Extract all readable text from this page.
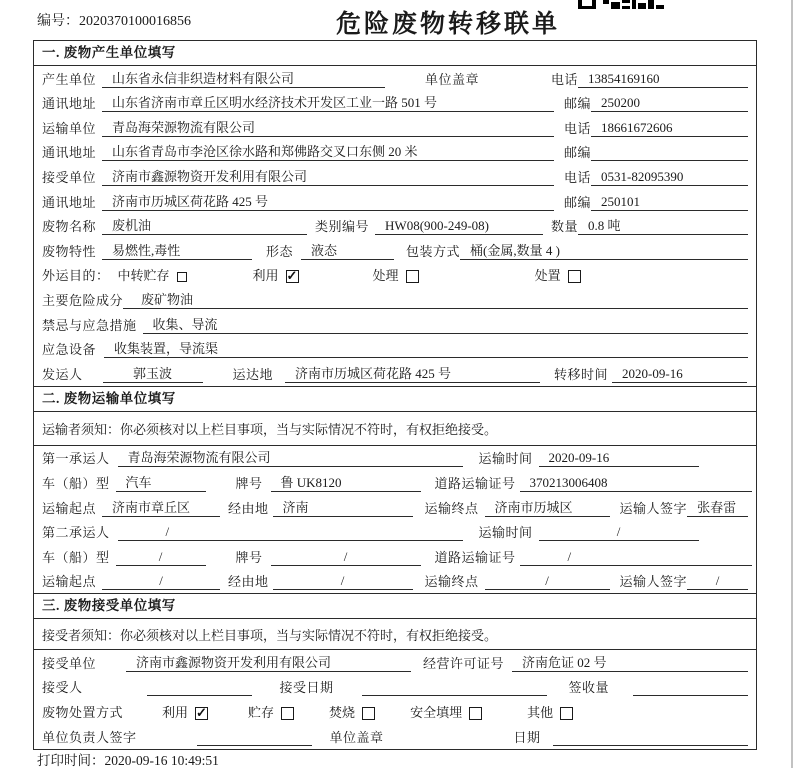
编号：2020370100016856	危险废物转移联单
一. 废物产生单位填写
产生单位	山东省永信非织造材料有限公司	单位盖章	电话 13854169160
通讯地址	山东省济南市章丘区明水经济技术开发区工业一路 501 号	邮编 250200
运输单位	青岛海荣源物流有限公司	电话 18661672606
通讯地址	山东省青岛市李沧区徐水路和郑佛路交叉口东侧 20 米	邮编
接受单位	济南市鑫源物资开发利用有限公司	电话 0531-82095390
通讯地址	济南市历城区荷花路 425 号	邮编 250101
废物名称	废机油	类别编号	HW08(900-249-08)	数量 0.8 吨
废物特性	易燃性,毒性	形态	液态	包装方式 桶(金属,数量 4 )
外运目的： 中转贮存	利用 ✓	处理	处置
主要危险成分	废矿物油
禁忌与应急措施	收集、导流
应急设备	收集装置，导流渠
发运人	郭玉波	运达地	济南市历城区荷花路 425 号	转移时间	2020-09-16
二. 废物运输单位填写
运输者须知：你必须核对以上栏目事项，当与实际情况不符时，有权拒绝接受。
第一承运人	青岛海荣源物流有限公司	运输时间	2020-09-16
车（船）型	汽车	牌号	鲁 UK8120	道路运输证号	370213006408
运输起点	济南市章丘区	经由地	济南	运输终点	济南市历城区	运输人签字 张春雷
第二承运人	/	运输时间	/
车（船）型	/	牌号	/	道路运输证号	/
运输起点	/	经由地	/	运输终点	/	运输人签字	/
三. 废物接受单位填写
接受者须知：你必须核对以上栏目事项，当与实际情况不符时，有权拒绝接受。
接受单位	济南市鑫源物资开发利用有限公司	经营许可证号	济南危证 02 号
接受人	接受日期	签收量
废物处置方式	利用 ✓	贮存	焚烧	安全填埋	其他
单位负责人签字	单位盖章	日期
打印时间：2020-09-16 10:49:51
